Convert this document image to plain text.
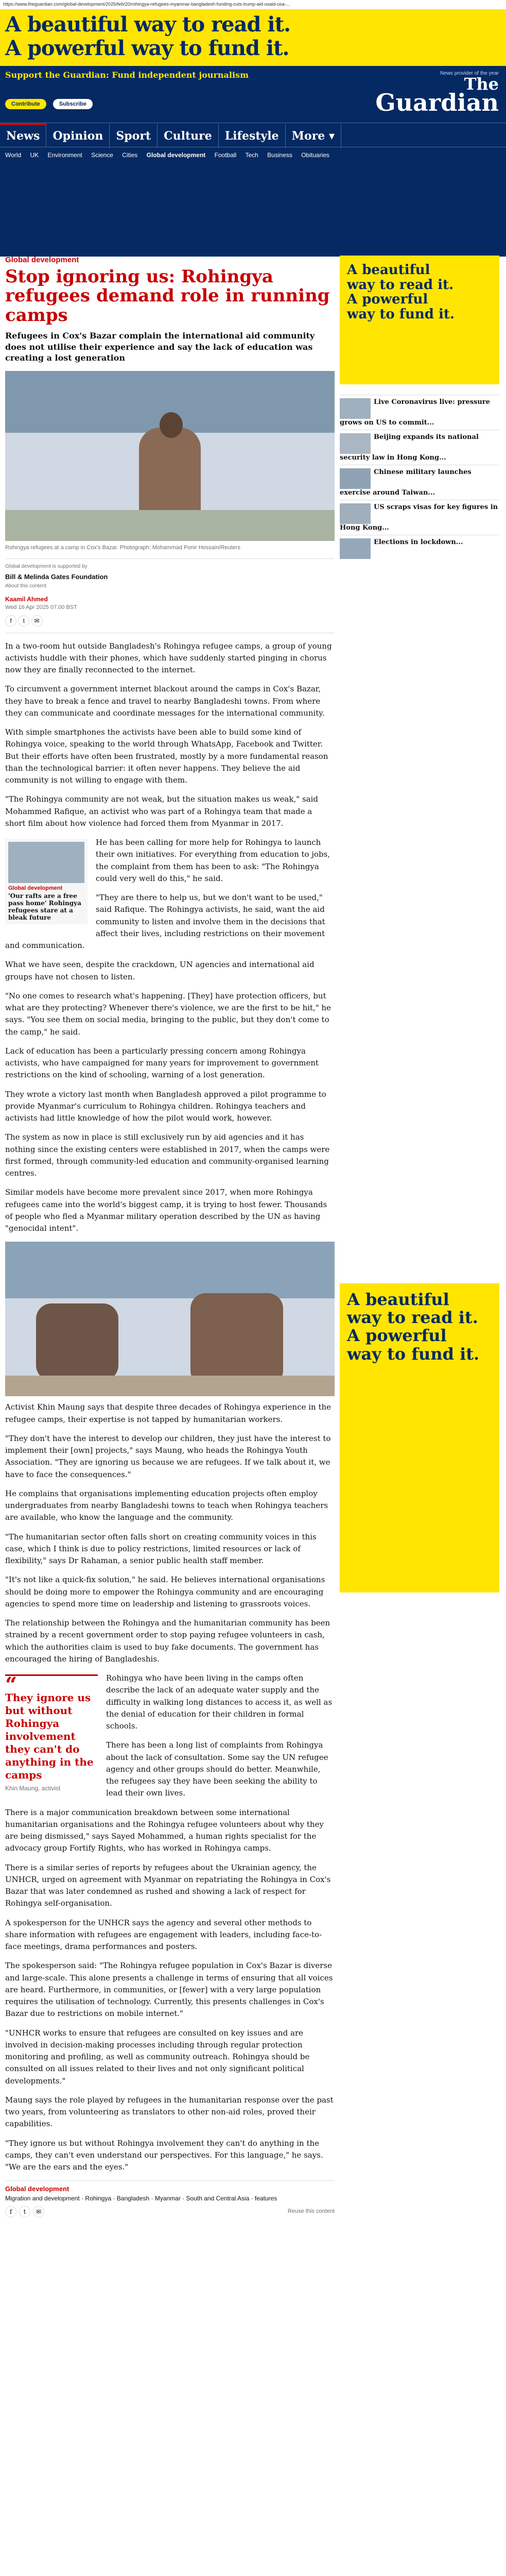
https://www.theguardian.com/global-development/2025/feb/20/rohingya-refugees-myanmar-bangladesh-funding-cuts-trump-aid-usaid-usa-...
A beautiful way to read it.
A powerful way to fund it.
Support the Guardian: Fund independent journalism
Contribute	Subscribe
News provider of the year
The
Guardian
News Opinion Sport Culture Lifestyle More ▾
World UK Environment Science Cities Global development Football Tech Business Obituaries
Global development
Stop ignoring us: Rohingya refugees demand role in running camps

Refugees in Cox's Bazar complain the international aid community does not utilise their experience and say the lack of education was creating a lost generation

Rohingya refugees at a camp in Cox's Bazar. Photograph: Mohammad Ponir Hossain/Reuters

Global development is supported by
Bill & Melinda Gates Foundation
About this content
Kaamil Ahmed
Wed 16 Apr 2025 07.00 BST
f t ✉

In a two-room hut outside Bangladesh's Rohingya refugee camps, a group of young activists huddle with their phones, which have suddenly started pinging in chorus now they are finally reconnected to the internet.

To circumvent a government internet blackout around the camps in Cox's Bazar, they have to break a fence and travel to nearby Bangladeshi towns. From where they can communicate and coordinate messages for the international community.

With simple smartphones the activists have been able to build some kind of Rohingya voice, speaking to the world through WhatsApp, Facebook and Twitter. But their efforts have often been frustrated, mostly by a more fundamental reason than the technological barrier: it often never happens. They believe the aid community is not willing to engage with them.

"The Rohingya community are not weak, but the situation makes us weak," said Mohammed Rafique, an activist who was part of a Rohingya team that made a short film about how violence had forced them from Myanmar in 2017.

Global development
'Our rafts are a free pass home' Rohingya refugees stare at a bleak future

He has been calling for more help for Rohingya to launch their own initiatives. For everything from education to jobs, the complaint from them has been to ask: "The Rohingya could very well do this," he said.

"They are there to help us, but we don't want to be used," said Rafique. The Rohingya activists, he said, want the aid community to listen and involve them in the decisions that affect their lives, including restrictions on their movement and communication.

What we have seen, despite the crackdown, UN agencies and international aid groups have not chosen to listen.

"No one comes to research what's happening. [They] have protection officers, but what are they protecting? Whenever there's violence, we are the first to be hit," he says. "You see them on social media, bringing to the public, but they don't come to the camp," he said.

Lack of education has been a particularly pressing concern among Rohingya activists, who have campaigned for many years for improvement to government restrictions on the kind of schooling, warning of a lost generation.

They wrote a victory last month when Bangladesh approved a pilot programme to provide Myanmar's curriculum to Rohingya children. Rohingya teachers and activists had little knowledge of how the pilot would work, however.

The system as now in place is still exclusively run by aid agencies and it has nothing since the existing centers were established in 2017, when the camps were first formed, through community-led education and community-organised learning centres.

Similar models have become more prevalent since 2017, when more Rohingya refugees came into the world's biggest camp, it is trying to host fewer. Thousands of people who fled a Myanmar military operation described by the UN as having "genocidal intent".

Activist Khin Maung says that despite three decades of Rohingya experience in the refugee camps, their expertise is not tapped by humanitarian workers.

"They don't have the interest to develop our children, they just have the interest to implement their [own] projects," says Maung, who heads the Rohingya Youth Association. "They are ignoring us because we are refugees. If we talk about it, we have to face the consequences."

He complains that organisations implementing education projects often employ undergraduates from nearby Bangladeshi towns to teach when Rohingya teachers are available, who know the language and the community.

"The humanitarian sector often falls short on creating community voices in this case, which I think is due to policy restrictions, limited resources or lack of flexibility," says Dr Rahaman, a senior public health staff member.

"It's not like a quick-fix solution," he said. He believes international organisations should be doing more to empower the Rohingya community and are encouraging agencies to spend more time on leadership and listening to grassroots voices.

The relationship between the Rohingya and the humanitarian community has been strained by a recent government order to stop paying refugee volunteers in cash, which the authorities claim is used to buy fake documents. The government has encouraged the hiring of Bangladeshis.

“
They ignore us but without Rohingya involvement they can't do anything in the camps
Khin Maung, activist

Rohingya who have been living in the camps often describe the lack of an adequate water supply and the difficulty in walking long distances to access it, as well as the denial of education for their children in formal schools.

There has been a long list of complaints from Rohingya about the lack of consultation. Some say the UN refugee agency and other groups should do better. Meanwhile, the refugees say they have been seeking the ability to lead their own lives.

There is a major communication breakdown between some international humanitarian organisations and the Rohingya refugee volunteers about why they are being dismissed," says Sayed Mohammed, a human rights specialist for the advocacy group Fortify Rights, who has worked in Rohingya camps.

There is a similar series of reports by refugees about the Ukrainian agency, the UNHCR, urged on agreement with Myanmar on repatriating the Rohingya in Cox's Bazar that was later condemned as rushed and showing a lack of respect for Rohingya self-organisation.

A spokesperson for the UNHCR says the agency and several other methods to share information with refugees are engagement with leaders, including face-to-face meetings, drama performances and posters.

The spokesperson said: "The Rohingya refugee population in Cox's Bazar is diverse and large-scale. This alone presents a challenge in terms of ensuring that all voices are heard. Furthermore, in communities, or [fewer] with a very large population requires the utilisation of technology. Currently, this presents challenges in Cox's Bazar due to restrictions on mobile internet."

"UNHCR works to ensure that refugees are consulted on key issues and are involved in decision-making processes including through regular protection monitoring and profiling, as well as community outreach. Rohingya should be consulted on all issues related to their lives and not only significant political developments."

Maung says the role played by refugees in the humanitarian response over the past two years, from volunteering as translators to other non-aid roles, proved their capabilities.

"They ignore us but without Rohingya involvement they can't do anything in the camps, they can't even understand our perspectives. For this language," he says. "We are the ears and the eyes."

Global development
Migration and development · Rohingya · Bangladesh · Myanmar · South and Central Asia · features
f t ✉	Reuse this content
A beautiful
way to read it.
A powerful
way to fund it.
Live Coronavirus live: pressure grows on US to commit...
Beijing expands its national security law in Hong Kong...
Chinese military launches exercise around Taiwan...
US scraps visas for key figures in Hong Kong...
Elections in lockdown...
A beautiful
way to read it.
A powerful
way to fund it.
